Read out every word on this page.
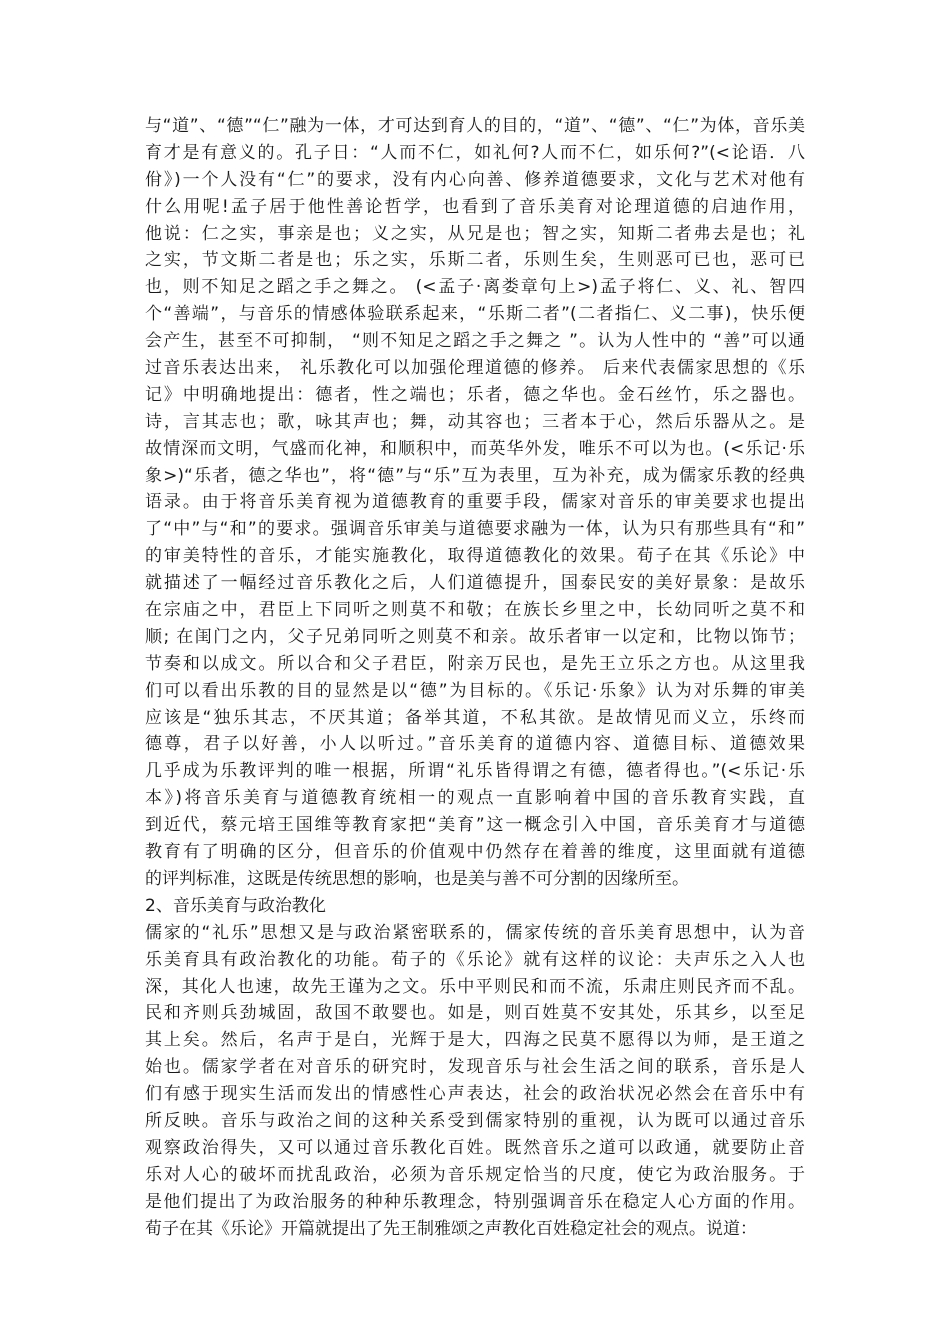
与“道”、“德”“仁”融为一体，才可达到育人的目的，“道”、“德”、“仁”为体，音乐美
育才是有意义的。孔子日：“人而不仁，如礼何?人而不仁，如乐何?”(<论语．八
佾》)一个人没有“仁”的要求，没有内心向善、修养道德要求，文化与艺术对他有
什么用呢!孟子居于他性善论哲学，也看到了音乐美育对论理道德的启迪作用，
他说：仁之实，事亲是也；义之实，从兄是也；智之实，知斯二者弗去是也；礼
之实，节文斯二者是也；乐之实，乐斯二者，乐则生矣，生则恶可已也，恶可已
也，则不知足之蹈之手之舞之。 (<孟子·离娄章句上>)孟子将仁、义、礼、智四
个“善端”，与音乐的情感体验联系起来，“乐斯二者”(二者指仁、义二事)，快乐便
会产生，甚至不可抑制， “则不知足之蹈之手之舞之 ”。认为人性中的 “善”可以通
过音乐表达出来， 礼乐教化可以加强伦理道德的修养。 后来代表儒家思想的《乐
记》中明确地提出：德者，性之端也；乐者，德之华也。金石丝竹，乐之器也。
诗，言其志也；歌，咏其声也；舞，动其容也；三者本于心，然后乐器从之。是
故情深而文明，气盛而化神，和顺积中，而英华外发，唯乐不可以为也。(<乐记·乐
象>)“乐者，德之华也”，将“德”与“乐”互为表里，互为补充，成为儒家乐教的经典
语录。由于将音乐美育视为道德教育的重要手段，儒家对音乐的审美要求也提出
了“中”与“和”的要求。强调音乐审美与道德要求融为一体，认为只有那些具有“和”
的审美特性的音乐，才能实施教化，取得道德教化的效果。荀子在其《乐论》中
就描述了一幅经过音乐教化之后，人们道德提升，国泰民安的美好景象：是故乐
在宗庙之中，君臣上下同听之则莫不和敬；在族长乡里之中，长幼同听之莫不和
顺; 在闺门之内，父子兄弟同听之则莫不和亲。故乐者审一以定和，比物以饰节；
节奏和以成文。所以合和父子君臣，附亲万民也，是先王立乐之方也。从这里我
们可以看出乐教的目的显然是以“德”为目标的。《乐记·乐象》认为对乐舞的审美
应该是“独乐其志，不厌其道；备举其道，不私其欲。是故情见而义立，乐终而
德尊，君子以好善，小人以听过。”音乐美育的道德内容、道德目标、道德效果
几乎成为乐教评判的唯一根据，所谓“礼乐皆得谓之有德，德者得也。”(<乐记·乐
本》)将音乐美育与道德教育统相一的观点一直影响着中国的音乐教育实践，直
到近代，蔡元培王国维等教育家把“美育”这一概念引入中国，音乐美育才与道德
教育有了明确的区分，但音乐的价值观中仍然存在着善的维度，这里面就有道德
的评判标准，这既是传统思想的影响，也是美与善不可分割的因缘所至。
2、音乐美育与政治教化
儒家的“礼乐”思想又是与政治紧密联系的，儒家传统的音乐美育思想中，认为音
乐美育具有政治教化的功能。荀子的《乐论》就有这样的议论：夫声乐之入人也
深，其化人也速，故先王谨为之文。乐中平则民和而不流，乐肃庄则民齐而不乱。
民和齐则兵劲城固，敌国不敢婴也。如是，则百姓莫不安其处，乐其乡，以至足
其上矣。然后，名声于是白，光辉于是大，四海之民莫不愿得以为师，是王道之
始也。儒家学者在对音乐的研究时，发现音乐与社会生活之间的联系，音乐是人
们有感于现实生活而发出的情感性心声表达，社会的政治状况必然会在音乐中有
所反映。音乐与政治之间的这种关系受到儒家特别的重视，认为既可以通过音乐
观察政治得失，又可以通过音乐教化百姓。既然音乐之道可以政通，就要防止音
乐对人心的破坏而扰乱政治，必须为音乐规定恰当的尺度，使它为政治服务。于
是他们提出了为政治服务的种种乐教理念，特别强调音乐在稳定人心方面的作用。
荀子在其《乐论》开篇就提出了先王制雅颂之声教化百姓稳定社会的观点。说道：
